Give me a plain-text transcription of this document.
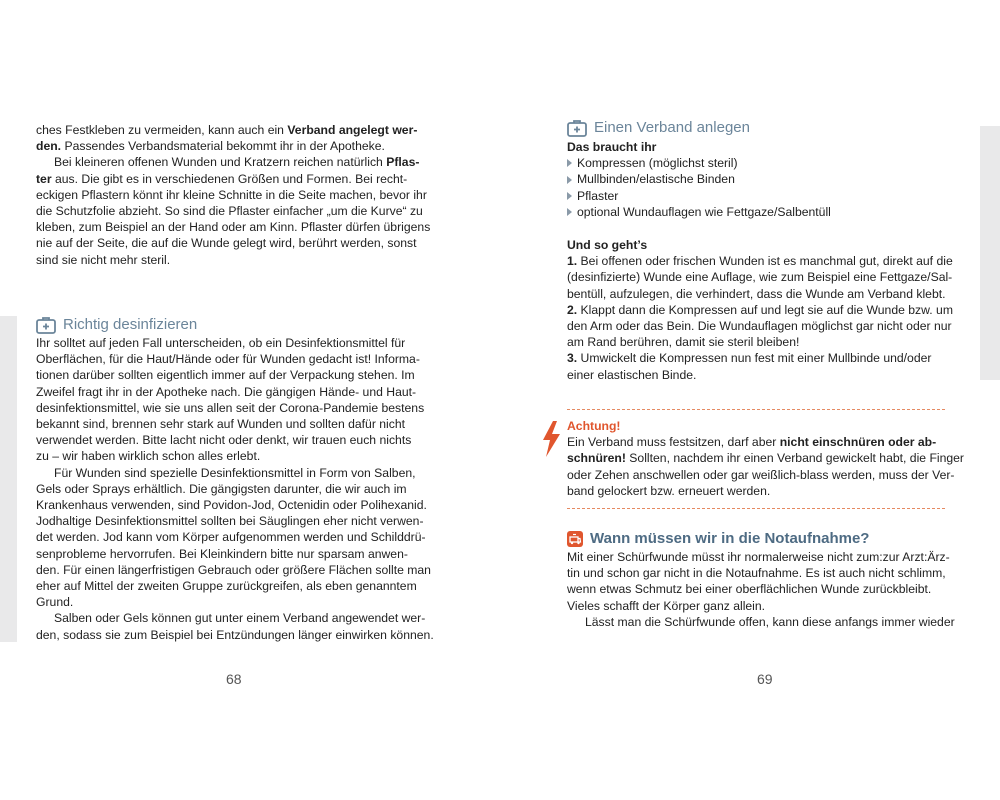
ches Festkleben zu vermeiden, kann auch ein Verband angelegt wer-
den. Passendes Verbandsmaterial bekommt ihr in der Apotheke.
Bei kleineren offenen Wunden und Kratzern reichen natürlich Pflas-
ter aus. Die gibt es in verschiedenen Größen und Formen. Bei recht-
eckigen Pflastern könnt ihr kleine Schnitte in die Seite machen, bevor ihr
die Schutzfolie abzieht. So sind die Pflaster einfacher „um die Kurve“ zu
kleben, zum Beispiel an der Hand oder am Kinn. Pflaster dürfen übrigens
nie auf der Seite, die auf die Wunde gelegt wird, berührt werden, sonst
sind sie nicht mehr steril.
Richtig desinfizieren
Ihr solltet auf jeden Fall unterscheiden, ob ein Desinfektionsmittel für
Oberflächen, für die Haut/Hände oder für Wunden gedacht ist! Informa-
tionen darüber sollten eigentlich immer auf der Verpackung stehen. Im
Zweifel fragt ihr in der Apotheke nach. Die gängigen Hände- und Haut-
desinfektionsmittel, wie sie uns allen seit der Corona-Pandemie bestens
bekannt sind, brennen sehr stark auf Wunden und sollten dafür nicht
verwendet werden. Bitte lacht nicht oder denkt, wir trauen euch nichts
zu – wir haben wirklich schon alles erlebt.
Für Wunden sind spezielle Desinfektionsmittel in Form von Salben,
Gels oder Sprays erhältlich. Die gängigsten darunter, die wir auch im
Krankenhaus verwenden, sind Povidon-Jod, Octenidin oder Polihexanid.
Jodhaltige Desinfektionsmittel sollten bei Säuglingen eher nicht verwen-
det werden. Jod kann vom Körper aufgenommen werden und Schilddrü-
senprobleme hervorrufen. Bei Kleinkindern bitte nur sparsam anwen-
den. Für einen längerfristigen Gebrauch oder größere Flächen sollte man
eher auf Mittel der zweiten Gruppe zurückgreifen, als eben genanntem
Grund.
Salben oder Gels können gut unter einem Verband angewendet wer-
den, sodass sie zum Beispiel bei Entzündungen länger einwirken können.
68
Einen Verband anlegen
Das braucht ihr
Kompressen (möglichst steril)
Mullbinden/elastische Binden
Pflaster
optional Wundauflagen wie Fettgaze/Salbentüll
Und so geht’s
1. Bei offenen oder frischen Wunden ist es manchmal gut, direkt auf die
(desinfizierte) Wunde eine Auflage, wie zum Beispiel eine Fettgaze/Sal-
bentüll, aufzulegen, die verhindert, dass die Wunde am Verband klebt.
2. Klappt dann die Kompressen auf und legt sie auf die Wunde bzw. um
den Arm oder das Bein. Die Wundauflagen möglichst gar nicht oder nur
am Rand berühren, damit sie steril bleiben!
3. Umwickelt die Kompressen nun fest mit einer Mullbinde und/oder
einer elastischen Binde.
Achtung!
Ein Verband muss festsitzen, darf aber nicht einschnüren oder ab-
schnüren! Sollten, nachdem ihr einen Verband gewickelt habt, die Finger
oder Zehen anschwellen oder gar weißlich-blass werden, muss der Ver-
band gelockert bzw. erneuert werden.
Wann müssen wir in die Notaufnahme?
Mit einer Schürfwunde müsst ihr normalerweise nicht zum:zur Arzt:Ärz-
tin und schon gar nicht in die Notaufnahme. Es ist auch nicht schlimm,
wenn etwas Schmutz bei einer oberflächlichen Wunde zurückbleibt.
Vieles schafft der Körper ganz allein.
Lässt man die Schürfwunde offen, kann diese anfangs immer wieder
69
